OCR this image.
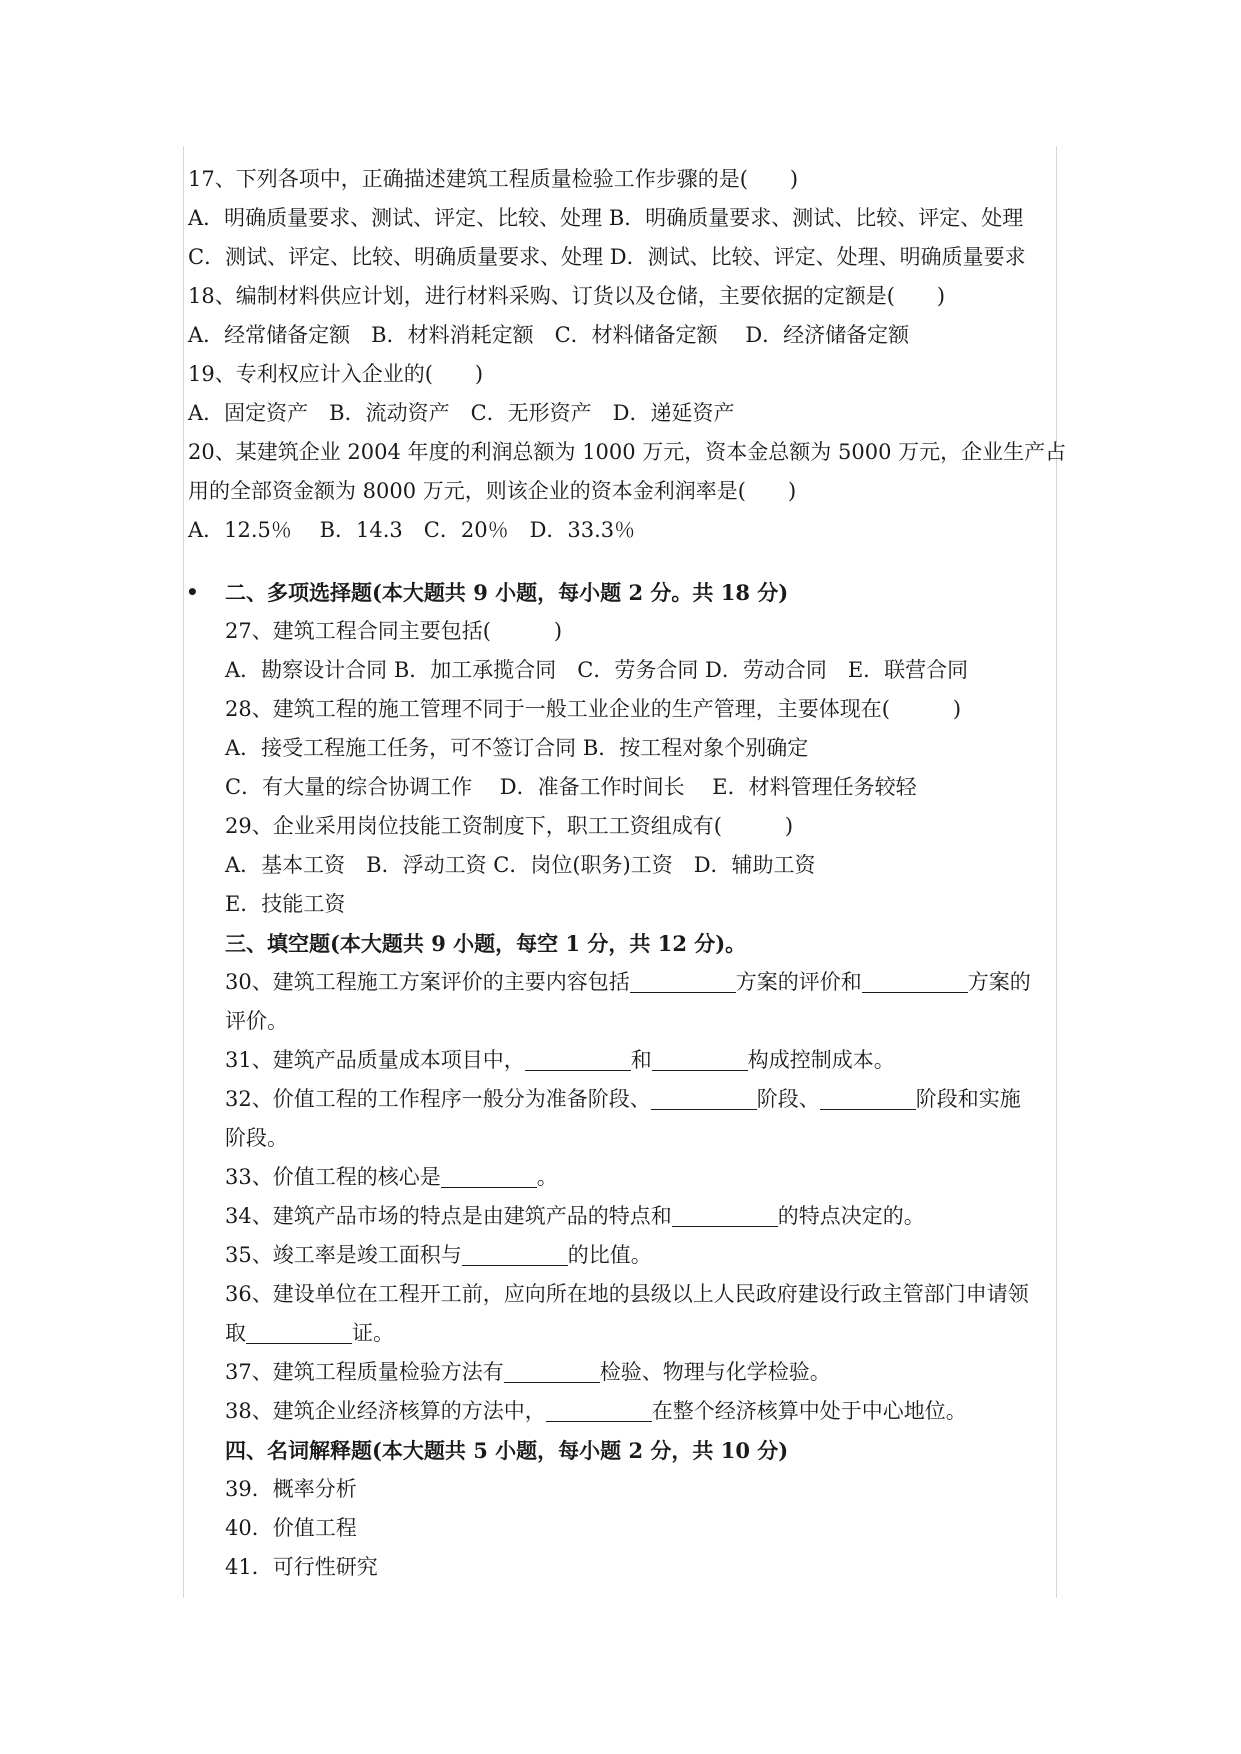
17、下列各项中，正确描述建筑工程质量检验工作步骤的是(　　)
A．明确质量要求、测试、评定、比较、处理 B．明确质量要求、测试、比较、评定、处理
C．测试、评定、比较、明确质量要求、处理 D．测试、比较、评定、处理、明确质量要求
18、编制材料供应计划，进行材料采购、订货以及仓储，主要依据的定额是(　　)
A．经常储备定额　B．材料消耗定额　C．材料储备定额　 D．经济储备定额
19、专利权应计入企业的(　　)
A．固定资产　B．流动资产　C．无形资产　D．递延资产
20、某建筑企业 2004 年度的利润总额为 1000 万元，资本金总额为 5000 万元，企业生产占
用的全部资金额为 8000 万元，则该企业的资本金利润率是(　　)
A．12.5％　 B．14.3　C．20％　D．33.3％
• 二、多项选择题(本大题共 9 小题，每小题 2 分。共 18 分)
27、建筑工程合同主要包括(　　　)
A．勘察设计合同 B．加工承揽合同　C．劳务合同 D．劳动合同　E．联营合同
28、建筑工程的施工管理不同于一般工业企业的生产管理，主要体现在(　　　)
A．接受工程施工任务，可不签订合同 B．按工程对象个别确定
C．有大量的综合协调工作　 D．准备工作时间长　 E．材料管理任务较轻
29、企业采用岗位技能工资制度下，职工工资组成有(　　　)
A．基本工资　B．浮动工资 C．岗位(职务)工资　D．辅助工资
E．技能工资
三、填空题(本大题共 9 小题，每空 1 分，共 12 分)。
30、建筑工程施工方案评价的主要内容包括	方案的评价和	方案的
评价。
31、建筑产品质量成本项目中，	和	构成控制成本。
32、价值工程的工作程序一般分为准备阶段、	阶段、	阶段和实施
阶段。
33、价值工程的核心是	。
34、建筑产品市场的特点是由建筑产品的特点和	的特点决定的。
35、竣工率是竣工面积与	的比值。
36、建设单位在工程开工前，应向所在地的县级以上人民政府建设行政主管部门申请领
取	证。
37、建筑工程质量检验方法有	检验、物理与化学检验。
38、建筑企业经济核算的方法中，	在整个经济核算中处于中心地位。
四、名词解释题(本大题共 5 小题，每小题 2 分，共 10 分)
39．概率分析
40．价值工程
41．可行性研究
